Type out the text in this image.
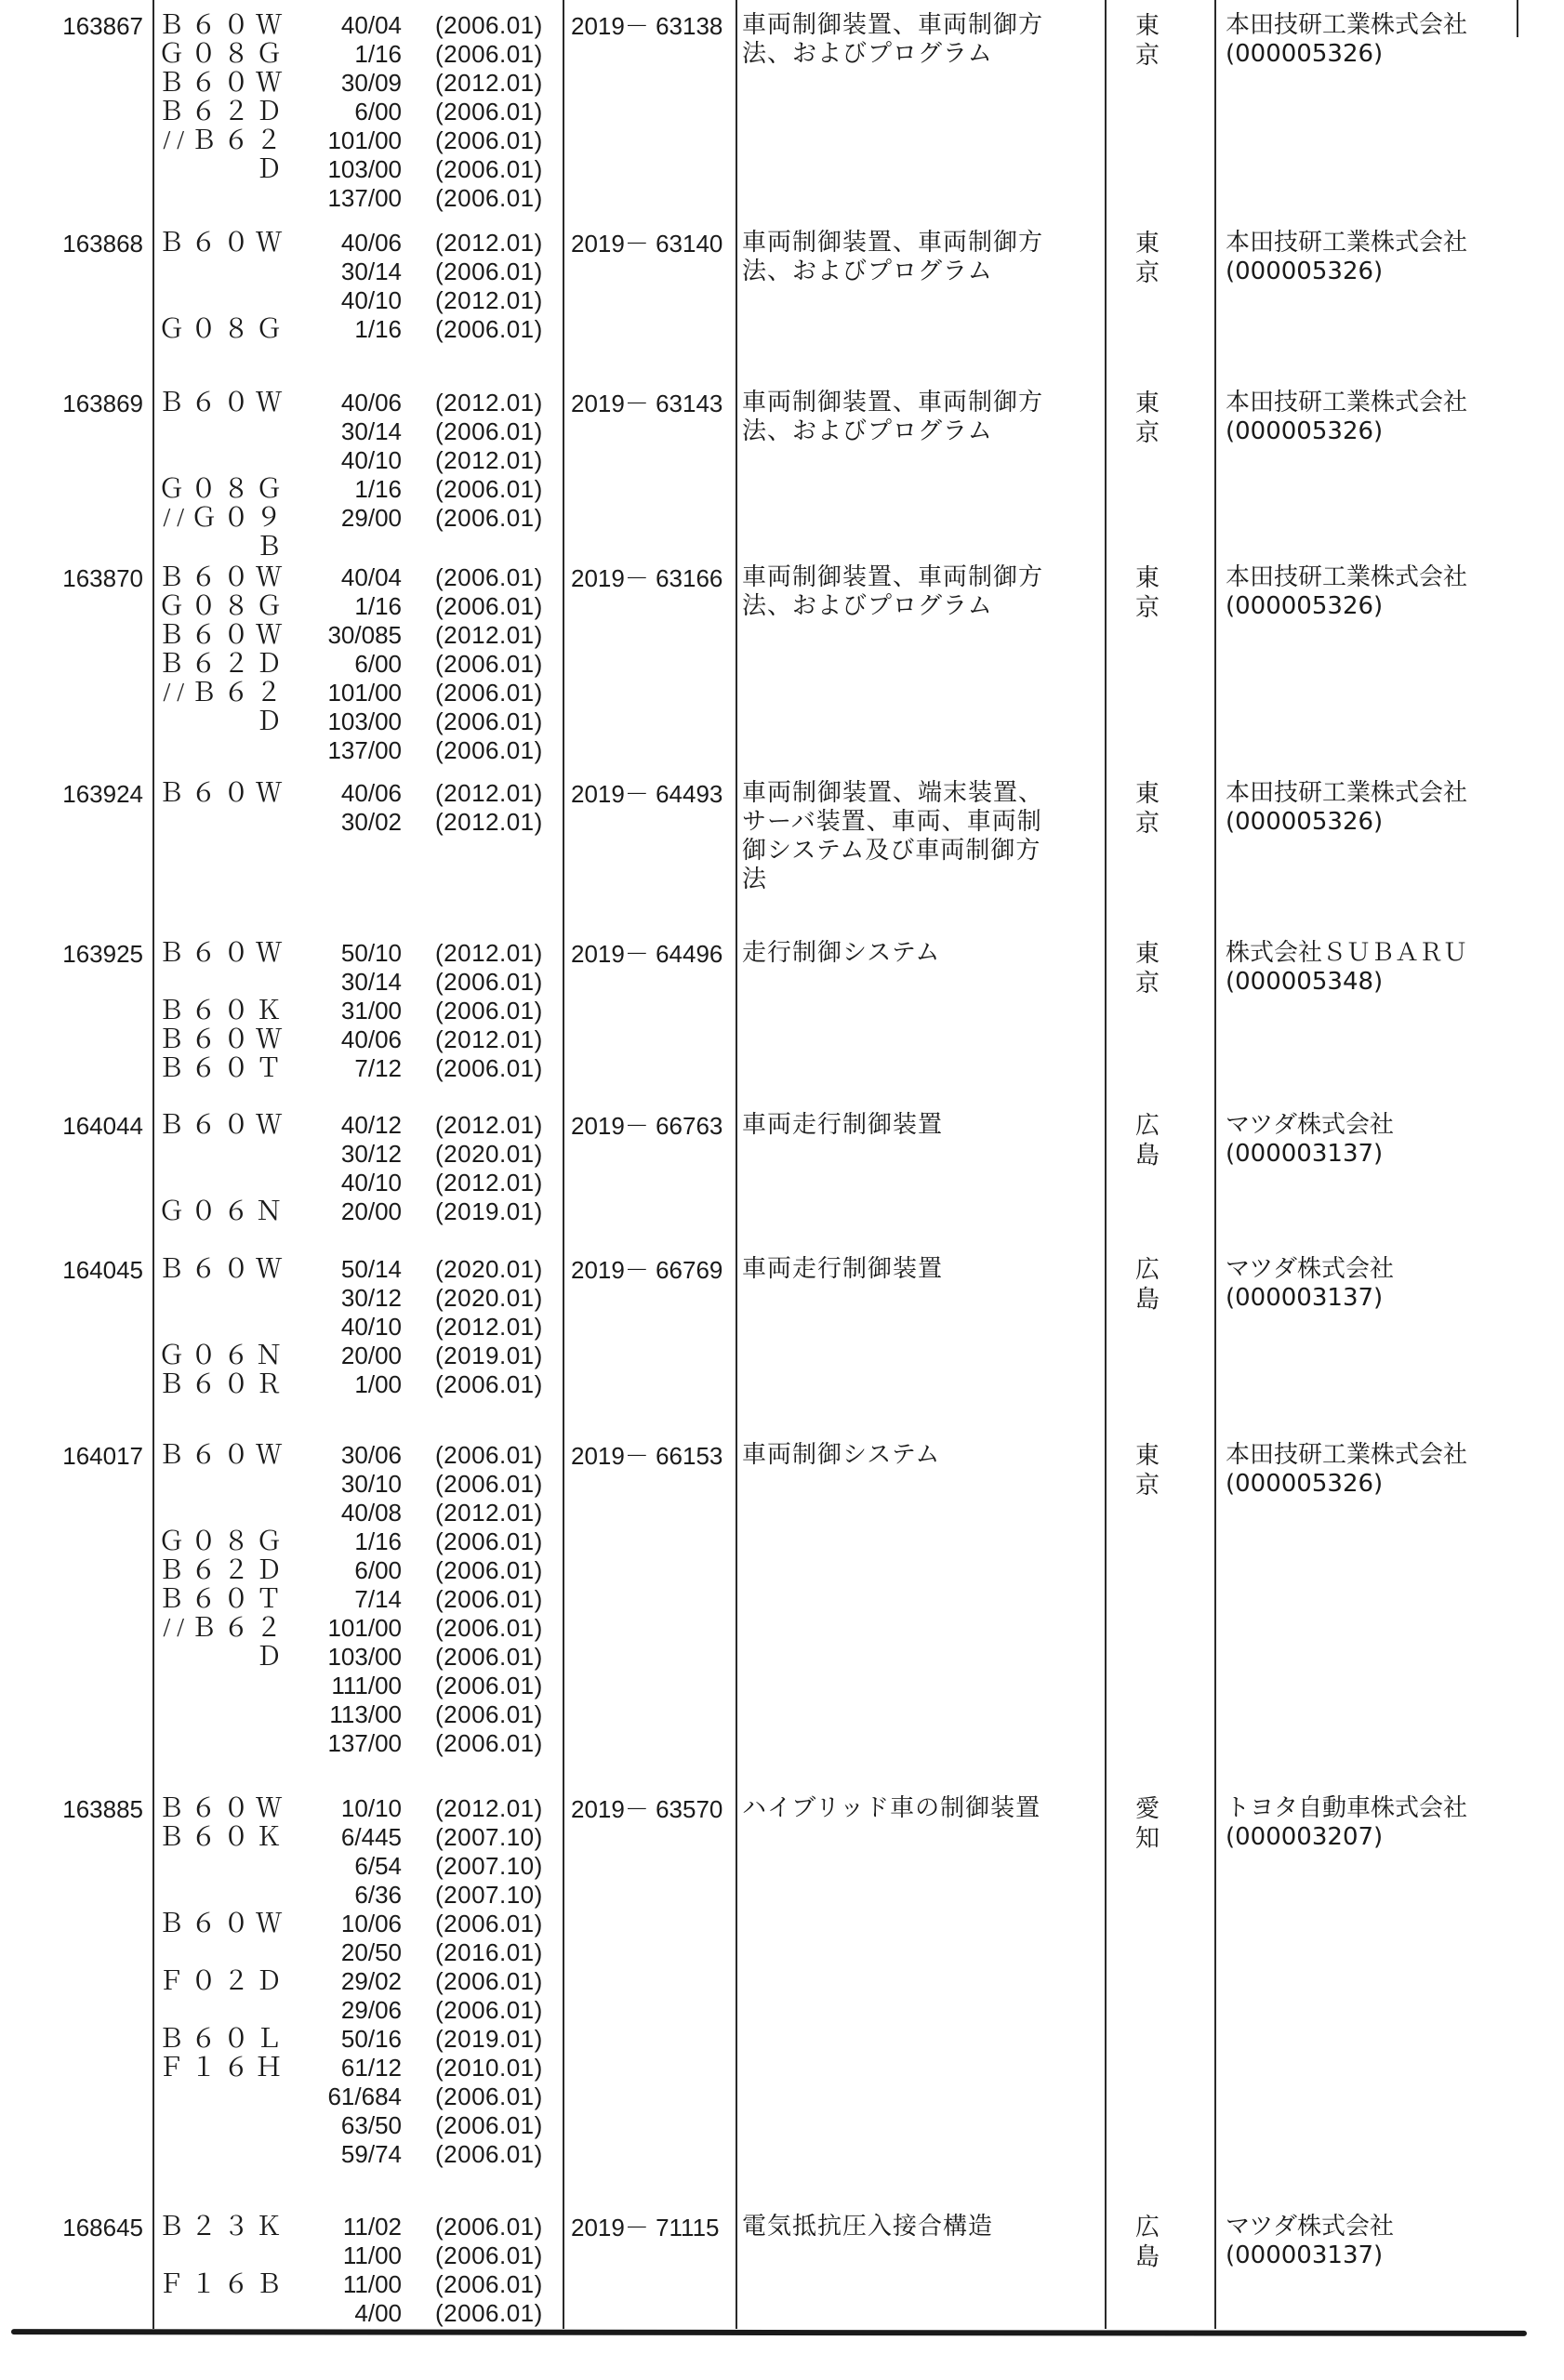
163867 Ｂ６０Ｗ	40/04 (2006.01)
Ｇ０８Ｇ	1/16 (2006.01)
Ｂ６０Ｗ	30/09 (2012.01)
Ｂ６２Ｄ	6/00 (2006.01)
//Ｂ６２Ｄ
101/00 (2006.01)
103/00 (2006.01)
137/00 (2006.01)
2019－ 63138 車両制御装置、車両制御方
法、およびプログラム
東京
本田技研工業株式会社
(000005326)
163868 Ｂ６０Ｗ	40/06 (2012.01)
30/14 (2006.01)
40/10 (2012.01)
Ｇ０８Ｇ	1/16 (2006.01)
2019－ 63140 車両制御装置、車両制御方
法、およびプログラム
東京
本田技研工業株式会社
(000005326)
163869 Ｂ６０Ｗ	40/06 (2012.01)
30/14 (2006.01)
40/10 (2012.01)
Ｇ０８Ｇ	1/16 (2006.01)
//Ｇ０９Ｂ
29/00 (2006.01)
2019－ 63143 車両制御装置、車両制御方
法、およびプログラム
東京
本田技研工業株式会社
(000005326)
163870 Ｂ６０Ｗ	40/04 (2006.01)
Ｇ０８Ｇ	1/16 (2006.01)
Ｂ６０Ｗ	30/085 (2012.01)
Ｂ６２Ｄ	6/00 (2006.01)
//Ｂ６２Ｄ
101/00 (2006.01)
103/00 (2006.01)
137/00 (2006.01)
2019－ 63166 車両制御装置、車両制御方
法、およびプログラム
東京
本田技研工業株式会社
(000005326)
163924 Ｂ６０Ｗ	40/06 (2012.01)
30/02 (2012.01)
2019－ 64493 車両制御装置、端末装置、
サーバ装置、車両、車両制
御システム及び車両制御方
法
東京
本田技研工業株式会社
(000005326)
163925 Ｂ６０Ｗ	50/10 (2012.01)
30/14 (2006.01)
Ｂ６０Ｋ	31/00 (2006.01)
Ｂ６０Ｗ	40/06 (2012.01)
Ｂ６０Ｔ	7/12 (2006.01)
2019－ 64496 走行制御システム	東京
株式会社ＳＵＢＡＲＵ
(000005348)
164044 Ｂ６０Ｗ	40/12 (2012.01)
30/12 (2020.01)
40/10 (2012.01)
Ｇ０６Ｎ	20/00 (2019.01)
2019－ 66763 車両走行制御装置	広島
マツダ株式会社
(000003137)
164045 Ｂ６０Ｗ	50/14 (2020.01)
30/12 (2020.01)
40/10 (2012.01)
Ｇ０６Ｎ	20/00 (2019.01)
Ｂ６０Ｒ	1/00 (2006.01)
2019－ 66769 車両走行制御装置	広島
マツダ株式会社
(000003137)
164017 Ｂ６０Ｗ	30/06 (2006.01)
30/10 (2006.01)
40/08 (2012.01)
Ｇ０８Ｇ	1/16 (2006.01)
Ｂ６２Ｄ	6/00 (2006.01)
Ｂ６０Ｔ	7/14 (2006.01)
//Ｂ６２Ｄ
101/00 (2006.01)
103/00 (2006.01)
111/00 (2006.01)
113/00 (2006.01)
137/00 (2006.01)
2019－ 66153 車両制御システム	東京
本田技研工業株式会社
(000005326)
163885 Ｂ６０Ｗ	10/10 (2012.01)
Ｂ６０Ｋ	6/445 (2007.10)
6/54 (2007.10)
6/36 (2007.10)
Ｂ６０Ｗ	10/06 (2006.01)
20/50 (2016.01)
Ｆ０２Ｄ	29/02 (2006.01)
29/06 (2006.01)
Ｂ６０Ｌ	50/16 (2019.01)
Ｆ１６Ｈ	61/12 (2010.01)
61/684 (2006.01)
63/50 (2006.01)
59/74 (2006.01)
2019－ 63570 ハイブリッド車の制御装置	愛知
トヨタ自動車株式会社
(000003207)
168645 Ｂ２３Ｋ	11/02 (2006.01)
11/00 (2006.01)
Ｆ１６Ｂ	11/00 (2006.01)
4/00 (2006.01)
2019－ 71115 電気抵抗圧入接合構造	広島
マツダ株式会社
(000003137)
